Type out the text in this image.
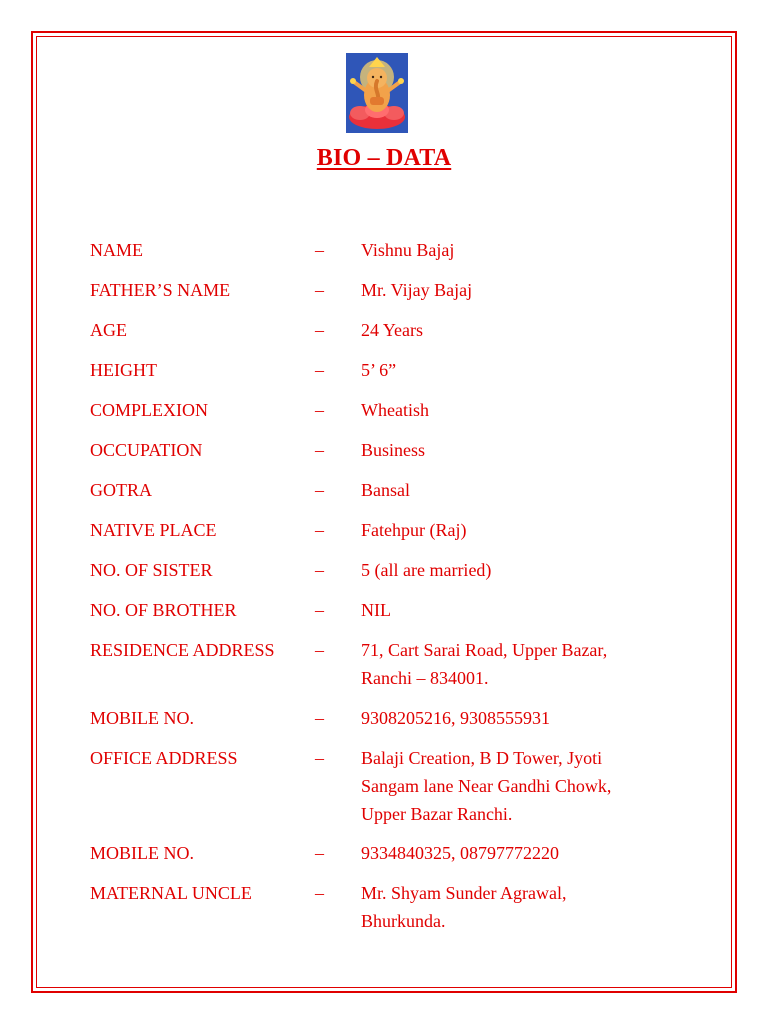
BIO – DATA
NAME	–	Vishnu Bajaj
FATHER’S NAME	–	Mr. Vijay Bajaj
AGE	–	24 Years
HEIGHT	–	5’ 6”
COMPLEXION	–	Wheatish
OCCUPATION	–	Business
GOTRA	–	Bansal
NATIVE PLACE	–	Fatehpur (Raj)
NO. OF SISTER	–	5 (all are married)
NO. OF BROTHER	–	NIL
RESIDENCE ADDRESS	–	71, Cart Sarai Road, Upper Bazar,
Ranchi – 834001.
MOBILE NO.	–	9308205216, 9308555931
OFFICE ADDRESS	–	Balaji Creation, B D Tower, Jyoti
Sangam lane Near Gandhi Chowk,
Upper Bazar Ranchi.
MOBILE NO.	–	9334840325, 08797772220
MATERNAL UNCLE	–	Mr. Shyam Sunder Agrawal,
Bhurkunda.
